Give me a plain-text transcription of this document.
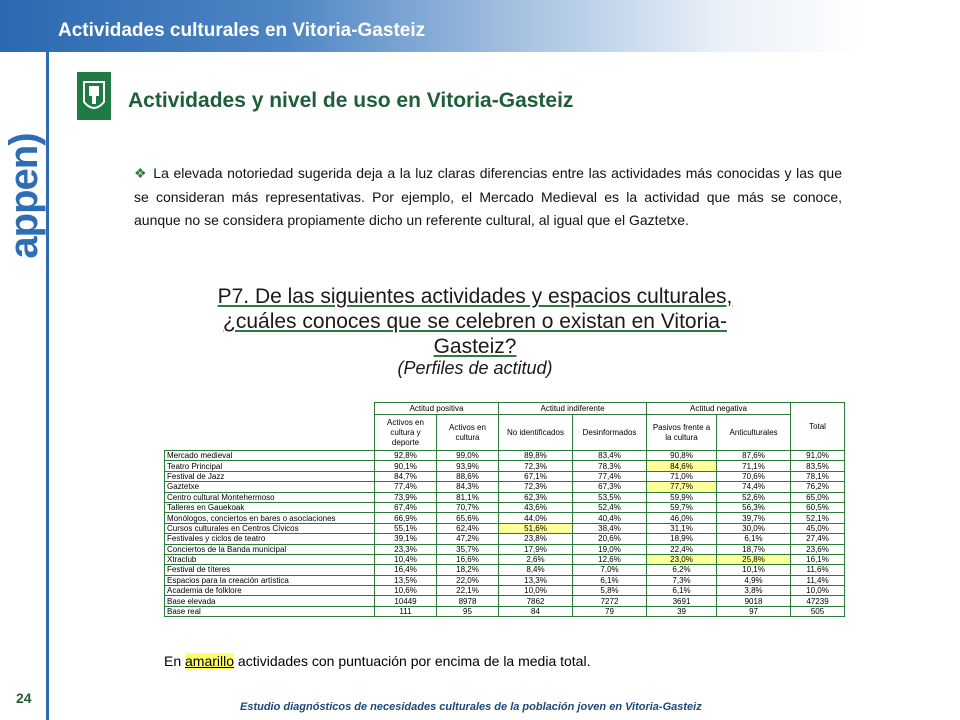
Actividades culturales en Vitoria-Gasteiz
appen)
Actividades y nivel de uso en Vitoria-Gasteiz
❖ La elevada notoriedad sugerida deja a la luz claras diferencias entre las actividades más conocidas y las que se consideran más representativas. Por ejemplo, el Mercado Medieval es la actividad que más se conoce, aunque no se considera propiamente dicho un referente cultural, al igual que el Gaztetxe.
P7. De las siguientes actividades y espacios culturales,
¿cuáles conoces que se celebren o existan en Vitoria-
Gasteiz?
(Perfiles de actitud)
	Actitud positiva		Actitud indiferente		Actitud negativa		Total
	Activos en cultura y deporte	Activos en cultura	No identificados	Desinformados	Pasivos frente a la cultura	Anticulturales	
Mercado medieval	92,8%	99,0%	89,8%	83,4%	90,8%	87,6%	91,0%
Teatro Principal	90,1%	93,9%	72,3%	78,3%	84,6%	71,1%	83,5%
Festival de Jazz	84,7%	88,6%	67,1%	77,4%	71,0%	70,6%	78,1%
Gaztetxe	77,4%	84,3%	72,3%	67,3%	77,7%	74,4%	76,2%
Centro cultural Montehermoso	73,9%	81,1%	62,3%	53,5%	59,9%	52,6%	65,0%
Talleres en Gauekoak	67,4%	70,7%	43,6%	52,4%	59,7%	56,3%	60,5%
Monólogos, conciertos en bares o asociaciones	66,9%	65,6%	44,0%	40,4%	46,0%	39,7%	52,1%
Cursos culturales en Centros Cívicos	55,1%	62,4%	51,6%	38,4%	31,1%	30,0%	45,0%
Festivales y ciclos de teatro	39,1%	47,2%	23,8%	20,6%	18,9%	6,1%	27,4%
Conciertos de la Banda municipal	23,3%	35,7%	17,9%	19,0%	22,4%	18,7%	23,6%
Xtraclub	10,4%	16,6%	2,6%	12,6%	23,0%	25,8%	16,1%
Festival de títeres	16,4%	18,2%	8,4%	7,0%	6,2%	10,1%	11,6%
Espacios para la creación artística	13,5%	22,0%	13,3%	6,1%	7,3%	4,9%	11,4%
Academia de folklore	10,6%	22,1%	10,0%	5,8%	6,1%	3,8%	10,0%
Base elevada	10449	8978	7862	7272	3691	9018	47239
Base real	111	95	84	79	39	97	505
En amarillo actividades con puntuación por encima de la media total.
24
Estudio diagnósticos de necesidades culturales de la población joven en Vitoria-Gasteiz
